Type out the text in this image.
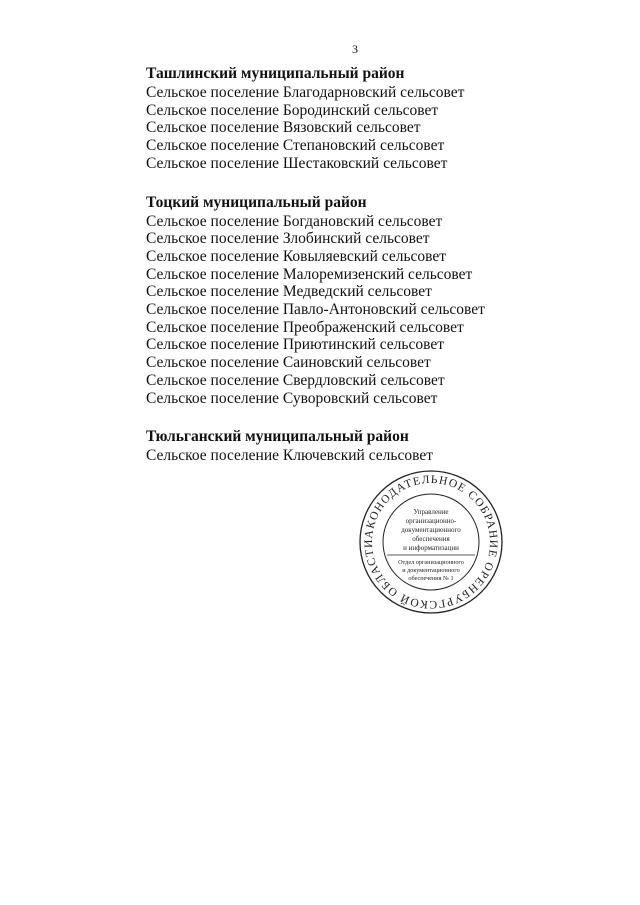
3

Ташлинский муниципальный район

Сельское поселение Благодарновский сельсовет

Сельское поселение Бородинский сельсовет

Сельское поселение Вязовский сельсовет

Сельское поселение Степановский сельсовет

Сельское поселение Шестаковский сельсовет

Тоцкий муниципальный район

Сельское поселение Богдановский сельсовет

Сельское поселение Злобинский сельсовет

Сельское поселение Ковыляевский сельсовет

Сельское поселение Малоремизенский сельсовет

Сельское поселение Медведский сельсовет

Сельское поселение Павло-Антоновский сельсовет

Сельское поселение Преображенский сельсовет

Сельское поселение Приютинский сельсовет

Сельское поселение Саиновский сельсовет

Сельское поселение Свердловский сельсовет

Сельское поселение Суворовский сельсовет

Тюльганский муниципальный район

Сельское поселение Ключевский сельсовет

АКОНОДАТЕЛЬНОЕ СОБРАНИЕ ОРЕНБУРГСКОЙ ОБЛАСТИ
Управление
организационно-
документационного
обеспечения
и информатизации
Отдел организационного
и документационного
обеспечения № 1
